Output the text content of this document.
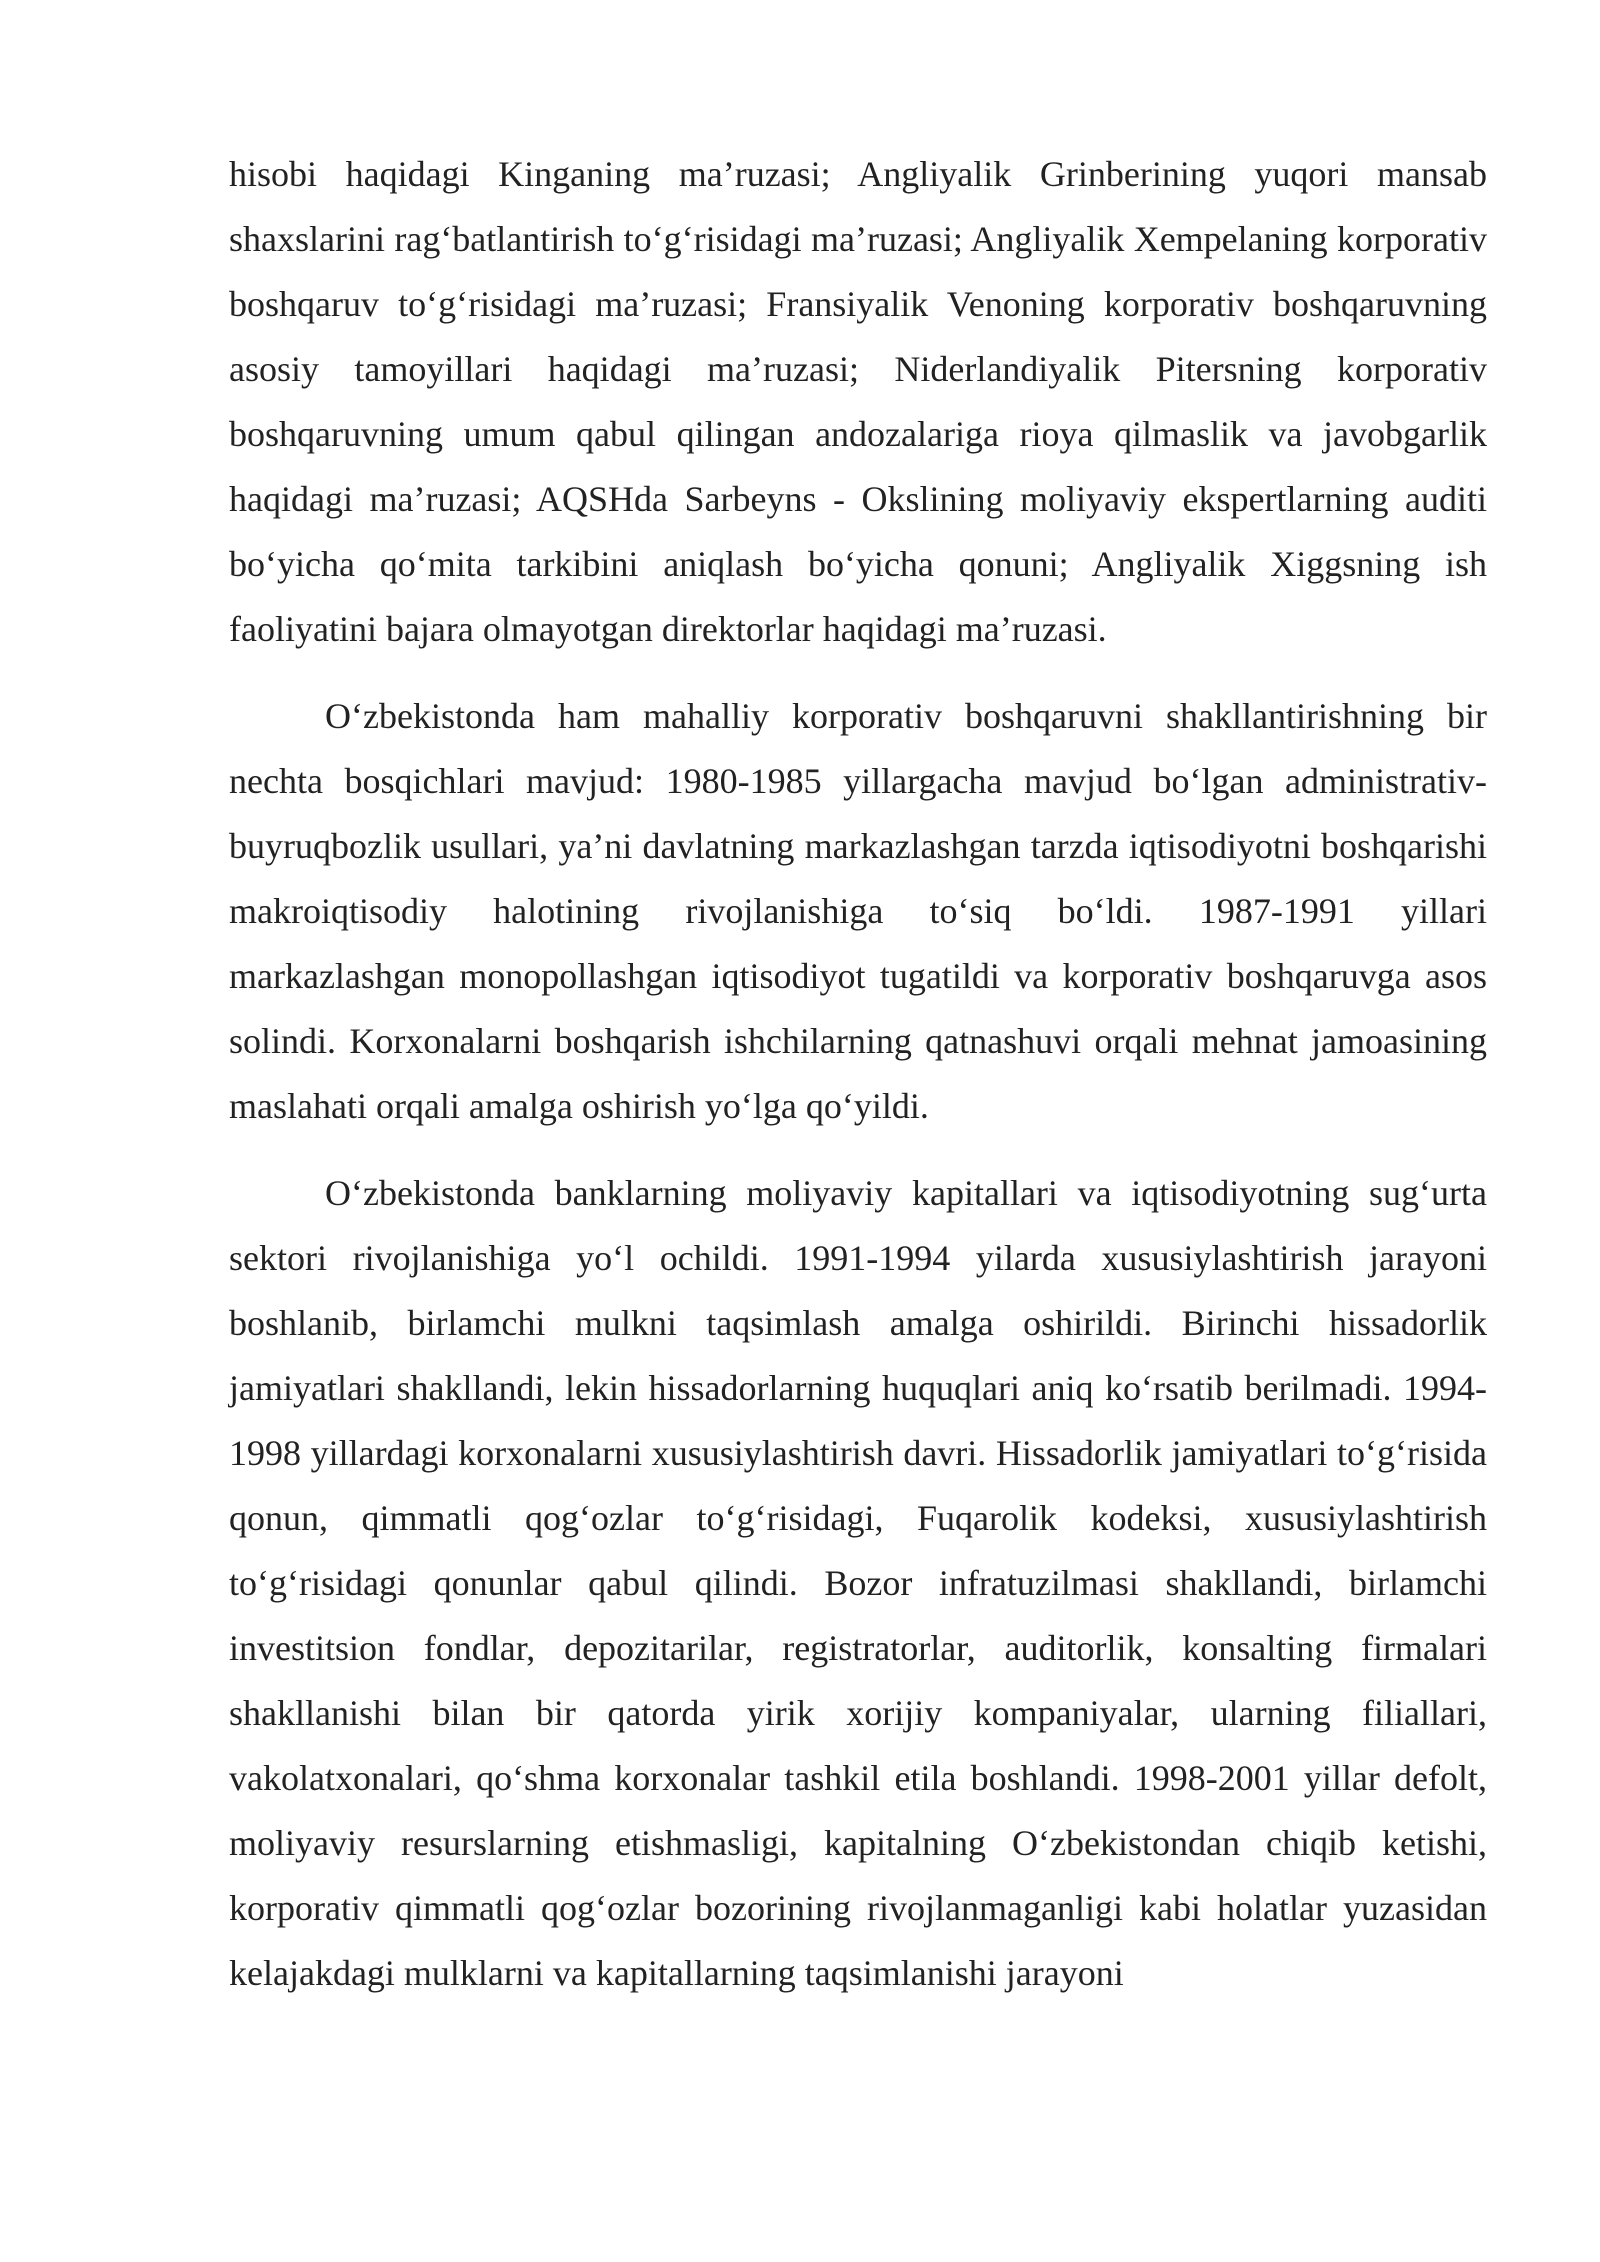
hisobi haqidagi Kinganing ma’ruzasi; Angliyalik Grinberining yuqori mansab shaxslarini rag‘batlantirish to‘g‘risidagi ma’ruzasi; Angliyalik Xempelaning korporativ boshqaruv to‘g‘risidagi ma’ruzasi; Fransiyalik Venoning korporativ boshqaruvning asosiy tamoyillari haqidagi ma’ruzasi; Niderlandiyalik Pitersning korporativ boshqaruvning umum qabul qilingan andozalariga rioya qilmaslik va javobgarlik haqidagi ma’ruzasi; AQSHda Sarbeyns - Okslining moliyaviy ekspertlarning auditi bo‘yicha qo‘mita tarkibini aniqlash bo‘yicha qonuni; Angliyalik Xiggsning ish faoliyatini bajara olmayotgan direktorlar haqidagi ma’ruzasi.

O‘zbekistonda ham mahalliy korporativ boshqaruvni shakllantirishning bir nechta bosqichlari mavjud: 1980-1985 yillargacha mavjud bo‘lgan administrativ-buyruqbozlik usullari, ya’ni davlatning markazlashgan tarzda iqtisodiyotni boshqarishi makroiqtisodiy halotining rivojlanishiga to‘siq bo‘ldi. 1987-1991 yillari markazlashgan monopollashgan iqtisodiyot tugatildi va korporativ boshqaruvga asos solindi. Korxonalarni boshqarish ishchilarning qatnashuvi orqali mehnat jamoasining maslahati orqali amalga oshirish yo‘lga qo‘yildi.

O‘zbekistonda banklarning moliyaviy kapitallari va iqtisodiyotning sug‘urta sektori rivojlanishiga yo‘l ochildi. 1991-1994 yilarda xususiylashtirish jarayoni boshlanib, birlamchi mulkni taqsimlash amalga oshirildi. Birinchi hissadorlik jamiyatlari shakllandi, lekin hissadorlarning huquqlari aniq ko‘rsatib berilmadi. 1994-1998 yillardagi korxonalarni xususiylashtirish davri. Hissadorlik jamiyatlari to‘g‘risida qonun, qimmatli qog‘ozlar to‘g‘risidagi, Fuqarolik kodeksi, xususiylashtirish to‘g‘risidagi qonunlar qabul qilindi. Bozor infratuzilmasi shakllandi, birlamchi investitsion fondlar, depozitarilar, registratorlar, auditorlik, konsalting firmalari shakllanishi bilan bir qatorda yirik xorijiy kompaniyalar, ularning filiallari, vakolatxonalari, qo‘shma korxonalar tashkil etila boshlandi. 1998-2001 yillar defolt, moliyaviy resurslarning etishmasligi, kapitalning O‘zbekistondan chiqib ketishi, korporativ qimmatli qog‘ozlar bozorining rivojlanmaganligi kabi holatlar yuzasidan kelajakdagi mulklarni va kapitallarning taqsimlanishi jarayoni
